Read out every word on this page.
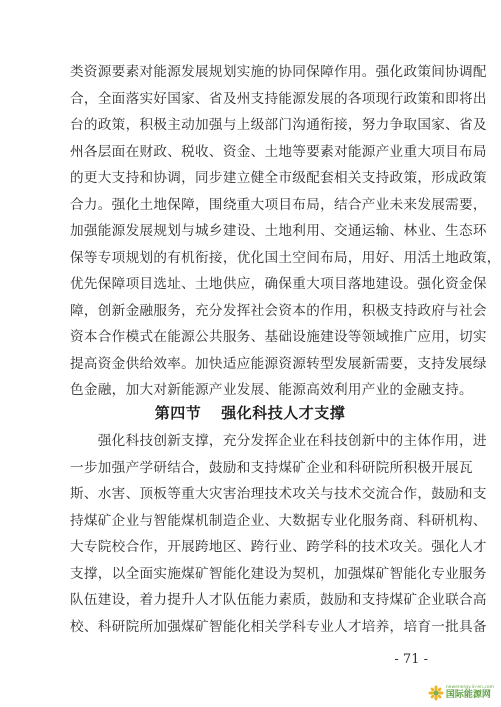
类资源要素对能源发展规划实施的协同保障作用。强化政策间协调配
合，全面落实好国家、省及州支持能源发展的各项现行政策和即将出
台的政策，积极主动加强与上级部门沟通衔接，努力争取国家、省及
州各层面在财政、税收、资金、土地等要素对能源产业重大项目布局
的更大支持和协调，同步建立健全市级配套相关支持政策，形成政策
合力。强化土地保障，围绕重大项目布局，结合产业未来发展需要，
加强能源发展规划与城乡建设、土地利用、交通运输、林业、生态环
保等专项规划的有机衔接，优化国土空间布局，用好、用活土地政策，
优先保障项目选址、土地供应，确保重大项目落地建设。强化资金保
障，创新金融服务，充分发挥社会资本的作用，积极支持政府与社会
资本合作模式在能源公共服务、基础设施建设等领域推广应用，切实
提高资金供给效率。加快适应能源资源转型发展新需要，支持发展绿
色金融，加大对新能源产业发展、能源高效利用产业的金融支持。
第四节 强化科技人才支撑
　　强化科技创新支撑，充分发挥企业在科技创新中的主体作用，进
一步加强产学研结合，鼓励和支持煤矿企业和科研院所积极开展瓦
斯、水害、顶板等重大灾害治理技术攻关与技术交流合作，鼓励和支
持煤矿企业与智能煤机制造企业、大数据专业化服务商、科研机构、
大专院校合作，开展跨地区、跨行业、跨学科的技术攻关。强化人才
支撑，以全面实施煤矿智能化建设为契机，加强煤矿智能化专业服务
队伍建设，着力提升人才队伍能力素质，鼓励和支持煤矿企业联合高
校、科研院所加强煤矿智能化相关学科专业人才培养，培育一批具备
- 71 -
newenergy.in-en.com
国际能源网
